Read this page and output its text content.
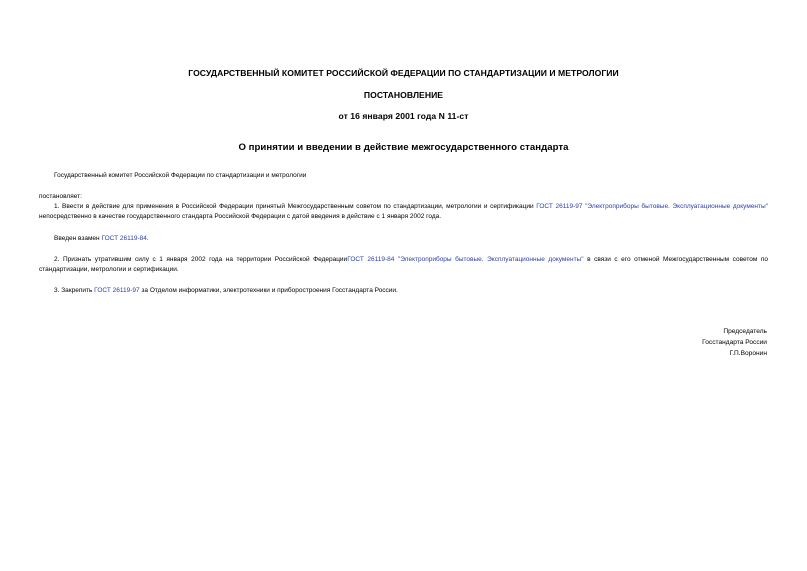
ГОСУДАРСТВЕННЫЙ КОМИТЕТ РОССИЙСКОЙ ФЕДЕРАЦИИ ПО СТАНДАРТИЗАЦИИ И МЕТРОЛОГИИ
ПОСТАНОВЛЕНИЕ
от 16 января 2001 года N 11-ст
О принятии и введении в действие межгосударственного стандарта
Государственный комитет Российской Федерации по стандартизации и метрологии
постановляет:
1. Ввести в действие для применения в Российской Федерации принятый Межгосударственным советом по стандартизации, метрологии и сертификации ГОСТ 26119-97 "Электроприборы бытовые. Эксплуатационные документы" непосредственно в качестве государственного стандарта Российской Федерации с датой введения в действие с 1 января 2002 года.
Введен взамен ГОСТ 26119-84.
2. Признать утратившим силу с 1 января 2002 года на территории Российской ФедерацииГОСТ 26119-84 "Электроприборы бытовые. Эксплуатационные документы" в связи с его отменой Межгосударственным советом по стандартизации, метрологии и сертификации.
3. Закрепить ГОСТ 26119-97 за Отделом информатики, электротехники и приборостроения Госстандарта России.
Председатель
Госстандарта России
Г.П.Воронин
